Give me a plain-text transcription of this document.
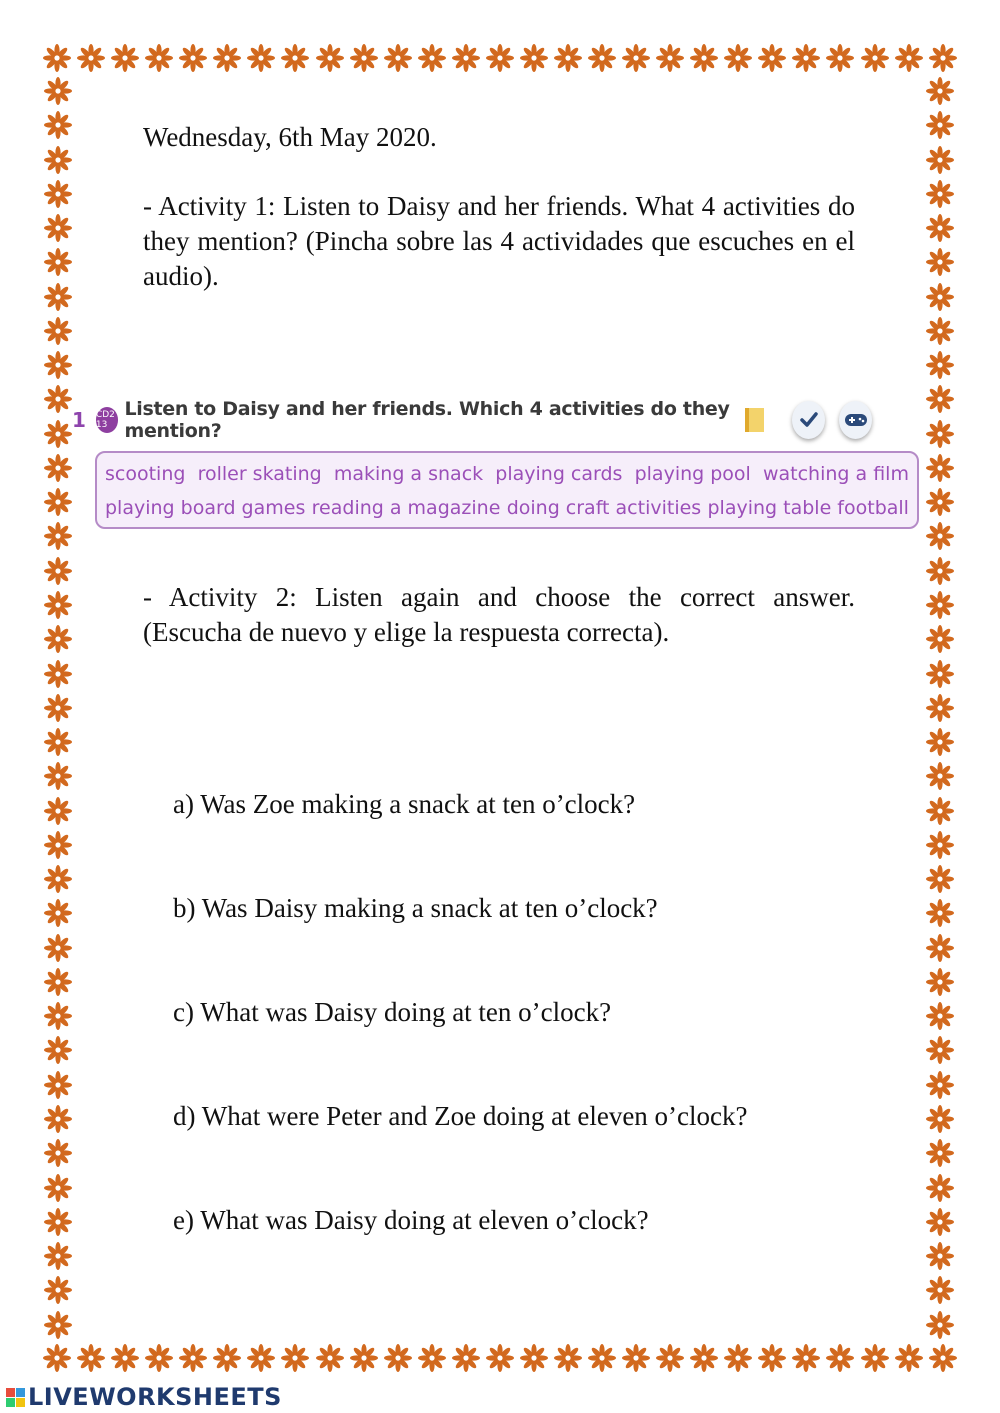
Wednesday, 6th May 2020.
- Activity 1: Listen to Daisy and her friends. What 4 activities do they mention? (Pincha sobre las 4 actividades que escuches en el audio).
1 CD2 13
Listen to Daisy and her friends. Which 4 activities do they mention?
scooting roller skating making a snack playing cards playing pool watching a film
playing board games reading a magazine doing craft activities playing table football
- Activity 2: Listen again and choose the correct answer. (Escucha de nuevo y elige la respuesta correcta).
a) Was Zoe making a snack at ten o’clock?
b) Was Daisy making a snack at ten o’clock?
c) What was Daisy doing at ten o’clock?
d) What were Peter and Zoe doing at eleven o’clock?
e) What was Daisy doing at eleven o’clock?
LIVEWORKSHEETS
